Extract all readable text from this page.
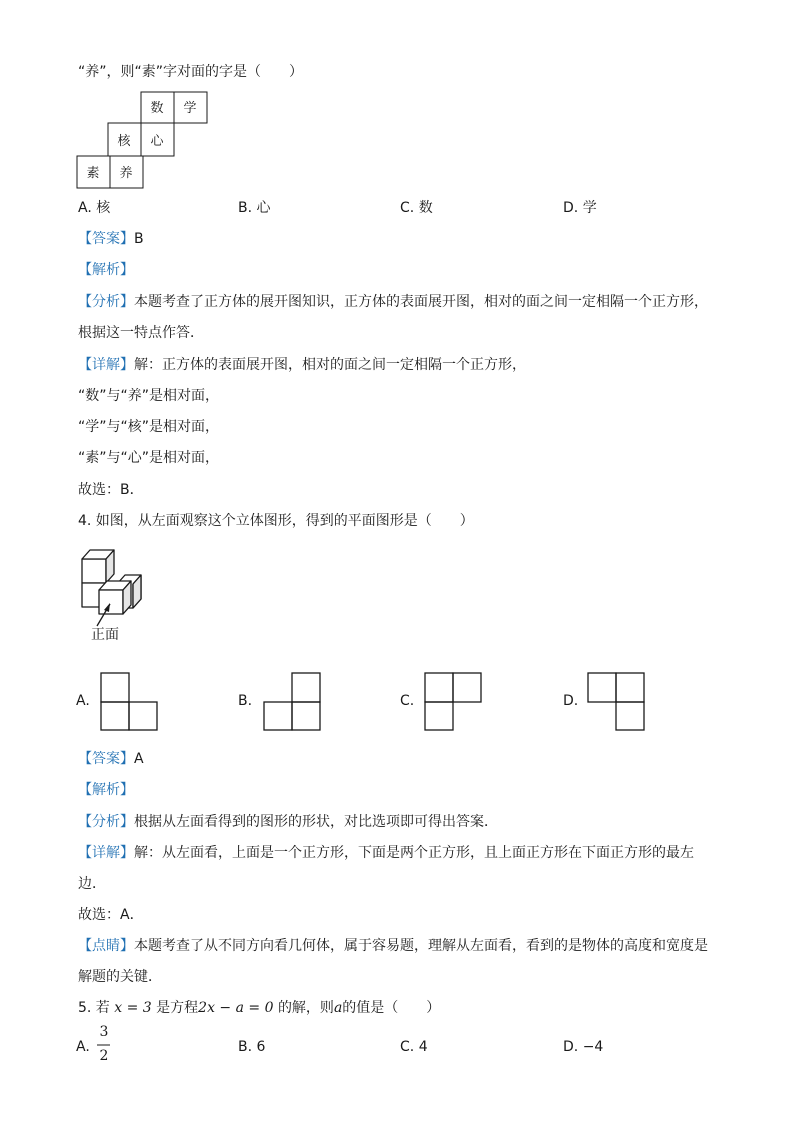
“养”，则“素”字对面的字是（　　）
数 学
核 心
素 养
A. 核	B. 心	C. 数	D. 学
【答案】B
【解析】
【分析】本题考查了正方体的展开图知识，正方体的表面展开图，相对的面之间一定相隔一个正方形，
根据这一特点作答．
【详解】解：正方体的表面展开图，相对的面之间一定相隔一个正方形，
“数”与“养”是相对面，
“学”与“核”是相对面，
“素”与“心”是相对面，
故选：B．
4. 如图，从左面观察这个立体图形，得到的平面图形是（　　）
正面
A.	B.	C.	D.
【答案】A
【解析】
【分析】根据从左面看得到的图形的形状，对比选项即可得出答案．
【详解】解：从左面看，上面是一个正方形，下面是两个正方形，且上面正方形在下面正方形的最左
边．
故选：A．
【点睛】本题考查了从不同方向看几何体，属于容易题，理解从左面看，看到的是物体的高度和宽度是
解题的关键．
5. 若 x = 3 是方程2x − a = 0 的解，则a的值是（　　）
A.
3
2
B. 6	C. 4	D. −4
